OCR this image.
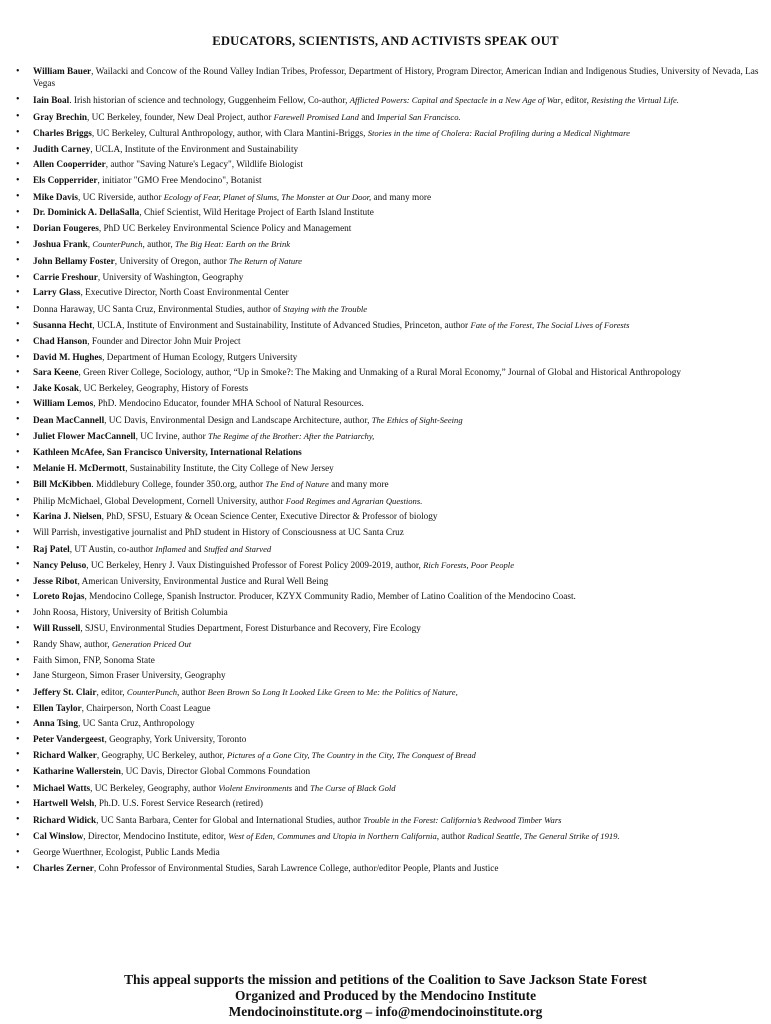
EDUCATORS, SCIENTISTS, AND ACTIVISTS SPEAK OUT
• William Bauer, Wailacki and Concow of the Round Valley Indian Tribes, Professor, Department of History, Program Director, American Indian and Indigenous Studies, University of Nevada, Las Vegas
• Iain Boal. Irish historian of science and technology, Guggenheim Fellow, Co-author, Afflicted Powers: Capital and Spectacle in a New Age of War, editor, Resisting the Virtual Life.
• Gray Brechin, UC Berkeley, founder, New Deal Project, author Farewell Promised Land and Imperial San Francisco.
• Charles Briggs, UC Berkeley, Cultural Anthropology, author, with Clara Mantini-Briggs, Stories in the time of Cholera: Racial Profiling during a Medical Nightmare
• Judith Carney, UCLA, Institute of the Environment and Sustainability
• Allen Cooperrider, author "Saving Nature's Legacy", Wildlife Biologist
• Els Copperrider, initiator "GMO Free Mendocino", Botanist
• Mike Davis, UC Riverside, author Ecology of Fear, Planet of Slums, The Monster at Our Door, and many more
• Dr. Dominick A. DellaSalla, Chief Scientist, Wild Heritage Project of Earth Island Institute
• Dorian Fougeres, PhD UC Berkeley Environmental Science Policy and Management
• Joshua Frank, CounterPunch, author, The Big Heat: Earth on the Brink
• John Bellamy Foster, University of Oregon, author The Return of Nature
• Carrie Freshour, University of Washington, Geography
• Larry Glass, Executive Director, North Coast Environmental Center
• Donna Haraway, UC Santa Cruz, Environmental Studies, author of Staying with the Trouble
• Susanna Hecht, UCLA, Institute of Environment and Sustainability, Institute of Advanced Studies, Princeton, author Fate of the Forest, The Social Lives of Forests
• Chad Hanson, Founder and Director John Muir Project
• David M. Hughes, Department of Human Ecology, Rutgers University
• Sara Keene, Green River College, Sociology, author, “Up in Smoke?: The Making and Unmaking of a Rural Moral Economy,” Journal of Global and Historical Anthropology
• Jake Kosak, UC Berkeley, Geography, History of Forests
• William Lemos, PhD. Mendocino Educator, founder MHA School of Natural Resources.
• Dean MacCannell, UC Davis, Environmental Design and Landscape Architecture, author, The Ethics of Sight-Seeing
• Juliet Flower MacCannell, UC Irvine, author The Regime of the Brother: After the Patriarchy,
• Kathleen McAfee, San Francisco University, International Relations
• Melanie H. McDermott, Sustainability Institute, the City College of New Jersey
• Bill McKibben. Middlebury College, founder 350.org, author The End of Nature and many more
• Philip McMichael, Global Development, Cornell University, author Food Regimes and Agrarian Questions.
• Karina J. Nielsen, PhD, SFSU, Estuary & Ocean Science Center, Executive Director & Professor of biology
• Will Parrish, investigative journalist and PhD student in History of Consciousness at UC Santa Cruz
• Raj Patel, UT Austin, co-author Inflamed and Stuffed and Starved
• Nancy Peluso, UC Berkeley, Henry J. Vaux Distinguished Professor of Forest Policy 2009-2019, author, Rich Forests, Poor People
• Jesse Ribot, American University, Environmental Justice and Rural Well Being
• Loreto Rojas, Mendocino College, Spanish Instructor. Producer, KZYX Community Radio, Member of Latino Coalition of the Mendocino Coast.
• John Roosa, History, University of British Columbia
• Will Russell, SJSU, Environmental Studies Department, Forest Disturbance and Recovery, Fire Ecology
• Randy Shaw, author, Generation Priced Out
• Faith Simon, FNP, Sonoma State
• Jane Sturgeon, Simon Fraser University, Geography
• Jeffery St. Clair, editor, CounterPunch, author Been Brown So Long It Looked Like Green to Me: the Politics of Nature,
• Ellen Taylor, Chairperson, North Coast League
• Anna Tsing, UC Santa Cruz, Anthropology
• Peter Vandergeest, Geography, York University, Toronto
• Richard Walker, Geography, UC Berkeley, author, Pictures of a Gone City, The Country in the City, The Conquest of Bread
• Katharine Wallerstein, UC Davis, Director Global Commons Foundation
• Michael Watts, UC Berkeley, Geography, author Violent Environments and The Curse of Black Gold
• Hartwell Welsh, Ph.D. U.S. Forest Service Research (retired)
• Richard Widick, UC Santa Barbara, Center for Global and International Studies, author Trouble in the Forest: California’s Redwood Timber Wars
• Cal Winslow, Director, Mendocino Institute, editor, West of Eden, Communes and Utopia in Northern California, author Radical Seattle, The General Strike of 1919.
• George Wuerthner, Ecologist, Public Lands Media
• Charles Zerner, Cohn Professor of Environmental Studies, Sarah Lawrence College, author/editor People, Plants and Justice
This appeal supports the mission and petitions of the Coalition to Save Jackson State Forest
Organized and Produced by the Mendocino Institute
Mendocinoinstitute.org – info@mendocinoinstitute.org
